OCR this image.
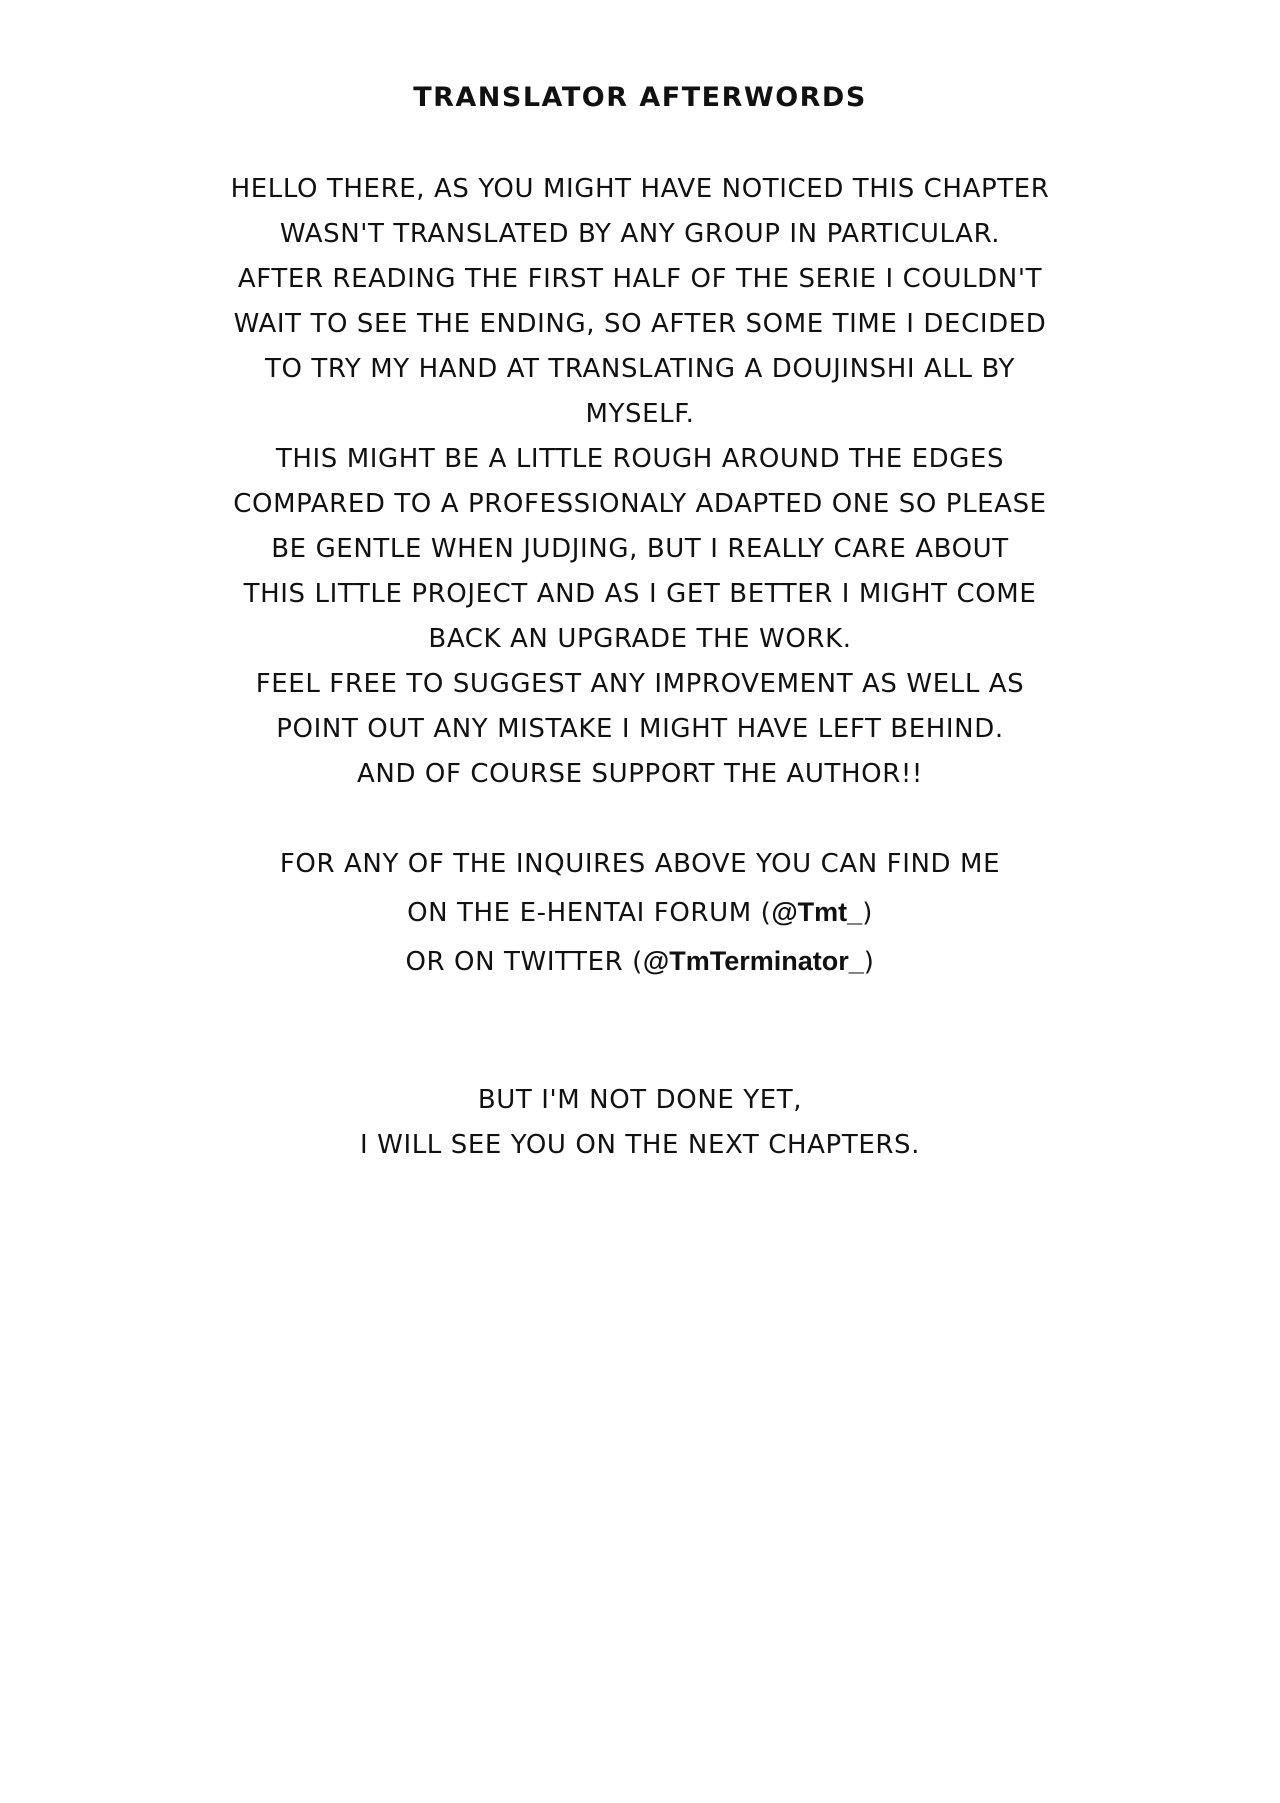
TRANSLATOR AFTERWORDS
HELLO THERE, AS YOU MIGHT HAVE NOTICED THIS CHAPTER
WASN'T TRANSLATED BY ANY GROUP IN PARTICULAR.
AFTER READING THE FIRST HALF OF THE SERIE I COULDN'T
WAIT TO SEE THE ENDING, SO AFTER SOME TIME I DECIDED
TO TRY MY HAND AT TRANSLATING A DOUJINSHI ALL BY
MYSELF.
THIS MIGHT BE A LITTLE ROUGH AROUND THE EDGES
COMPARED TO A PROFESSIONALY ADAPTED ONE SO PLEASE
BE GENTLE WHEN JUDJING, BUT I REALLY CARE ABOUT
THIS LITTLE PROJECT AND AS I GET BETTER I MIGHT COME
BACK AN UPGRADE THE WORK.
FEEL FREE TO SUGGEST ANY IMPROVEMENT AS WELL AS
POINT OUT ANY MISTAKE I MIGHT HAVE LEFT BEHIND.
AND OF COURSE SUPPORT THE AUTHOR!!
FOR ANY OF THE INQUIRES ABOVE YOU CAN FIND ME
ON THE E-HENTAI FORUM (@Tmt_)
OR ON TWITTER (@TmTerminator_)
BUT I'M NOT DONE YET,
I WILL SEE YOU ON THE NEXT CHAPTERS.
